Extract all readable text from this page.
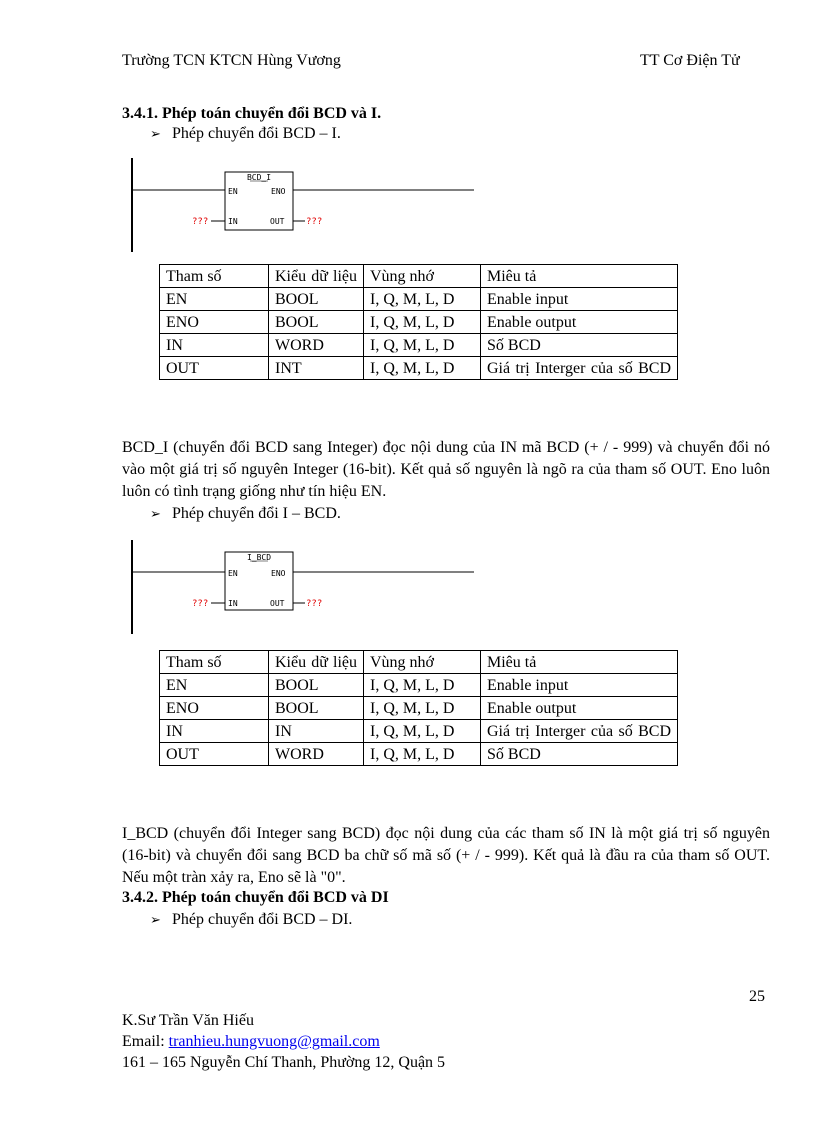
Trường TCN KTCN Hùng Vương	TT Cơ Điện Tử
3.4.1. Phép toán chuyển đổi BCD và I.
➢ Phép chuyển đổi BCD – I.
BCD_I
EN	ENO
IN	OUT
???	???
Tham số	Kiểu dữ liệu	Vùng nhớ	Miêu tả
EN	BOOL	I, Q, M, L, D	Enable input
ENO	BOOL	I, Q, M, L, D	Enable output
IN	WORD	I, Q, M, L, D	Số BCD
OUT	INT	I, Q, M, L, D	Giá trị Interger của số BCD
BCD_I (chuyển đổi BCD sang Integer) đọc nội dung của IN mã BCD (+ / - 999) và chuyển đổi nó vào một giá trị số nguyên Integer (16-bit). Kết quả số nguyên là ngõ ra của tham số OUT. Eno luôn luôn có tình trạng giống như tín hiệu EN.
➢ Phép chuyển đổi I – BCD.
I_BCD
EN	ENO
IN	OUT
???	???
Tham số	Kiểu dữ liệu	Vùng nhớ	Miêu tả
EN	BOOL	I, Q, M, L, D	Enable input
ENO	BOOL	I, Q, M, L, D	Enable output
IN	IN	I, Q, M, L, D	Giá trị Interger của số BCD
OUT	WORD	I, Q, M, L, D	Số BCD
I_BCD (chuyển đổi Integer sang BCD) đọc nội dung của các tham số IN là một giá trị số nguyên (16-bit) và chuyển đổi sang BCD ba chữ số mã số (+ / - 999). Kết quả là đầu ra của tham số OUT. Nếu một tràn xảy ra, Eno sẽ là "0".
3.4.2. Phép toán chuyển đổi BCD và DI
➢ Phép chuyển đổi BCD – DI.
25
K.Sư Trần Văn Hiếu
Email: tranhieu.hungvuong@gmail.com
161 – 165 Nguyễn Chí Thanh, Phường 12, Quận 5
